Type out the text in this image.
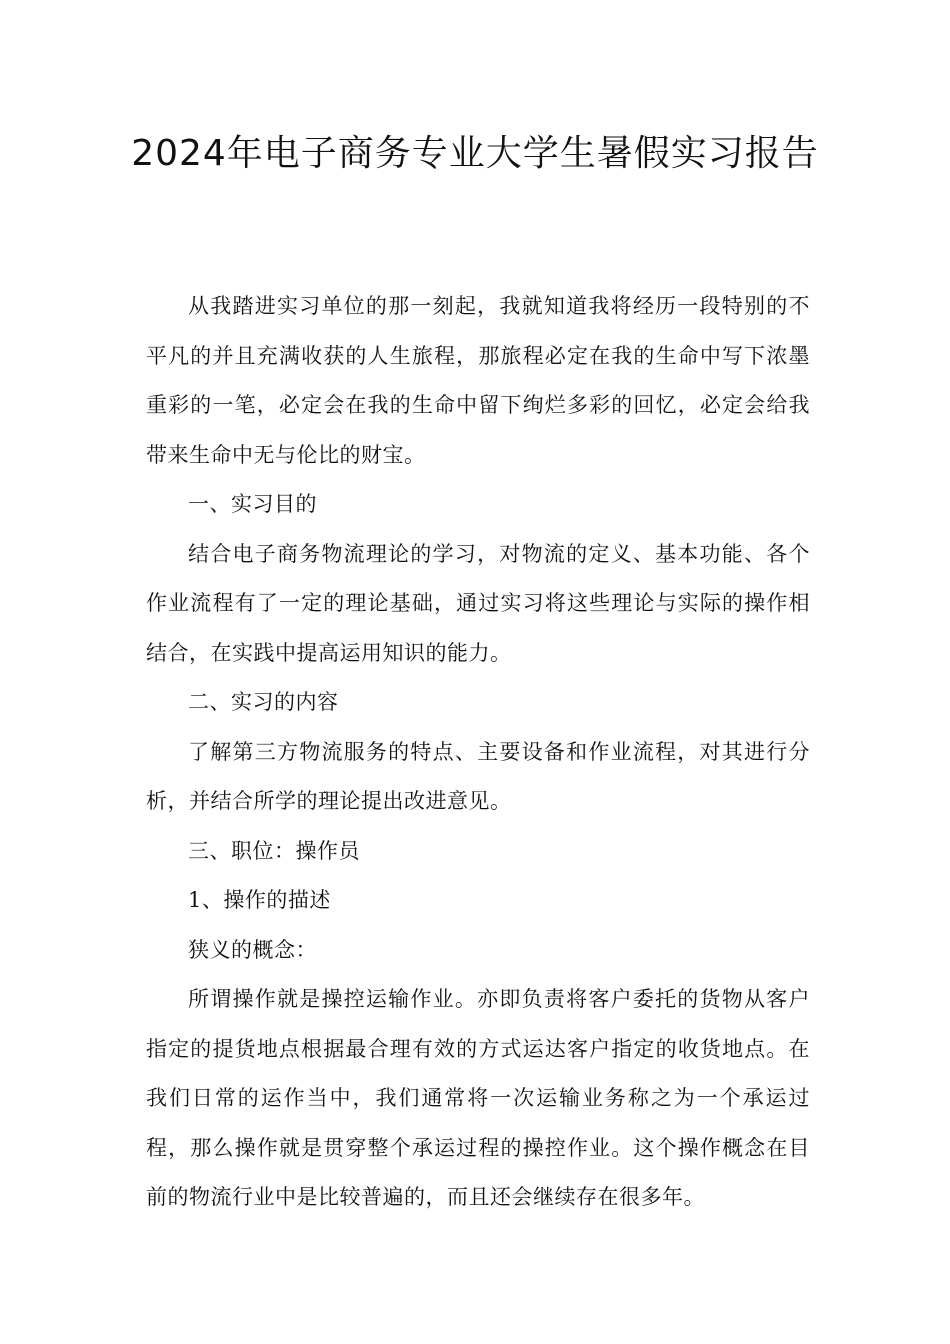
2024年电子商务专业大学生暑假实习报告

从我踏进实习单位的那一刻起，我就知道我将经历一段特别的不平凡的并且充满收获的人生旅程，那旅程必定在我的生命中写下浓墨重彩的一笔，必定会在我的生命中留下绚烂多彩的回忆，必定会给我带来生命中无与伦比的财宝。

一、实习目的

结合电子商务物流理论的学习，对物流的定义、基本功能、各个作业流程有了一定的理论基础，通过实习将这些理论与实际的操作相结合，在实践中提高运用知识的能力。

二、实习的内容

了解第三方物流服务的特点、主要设备和作业流程，对其进行分析，并结合所学的理论提出改进意见。

三、职位：操作员

1、操作的描述

狭义的概念：

所谓操作就是操控运输作业。亦即负责将客户委托的货物从客户指定的提货地点根据最合理有效的方式运达客户指定的收货地点。在我们日常的运作当中，我们通常将一次运输业务称之为一个承运过程，那么操作就是贯穿整个承运过程的操控作业。这个操作概念在目前的物流行业中是比较普遍的，而且还会继续存在很多年。
